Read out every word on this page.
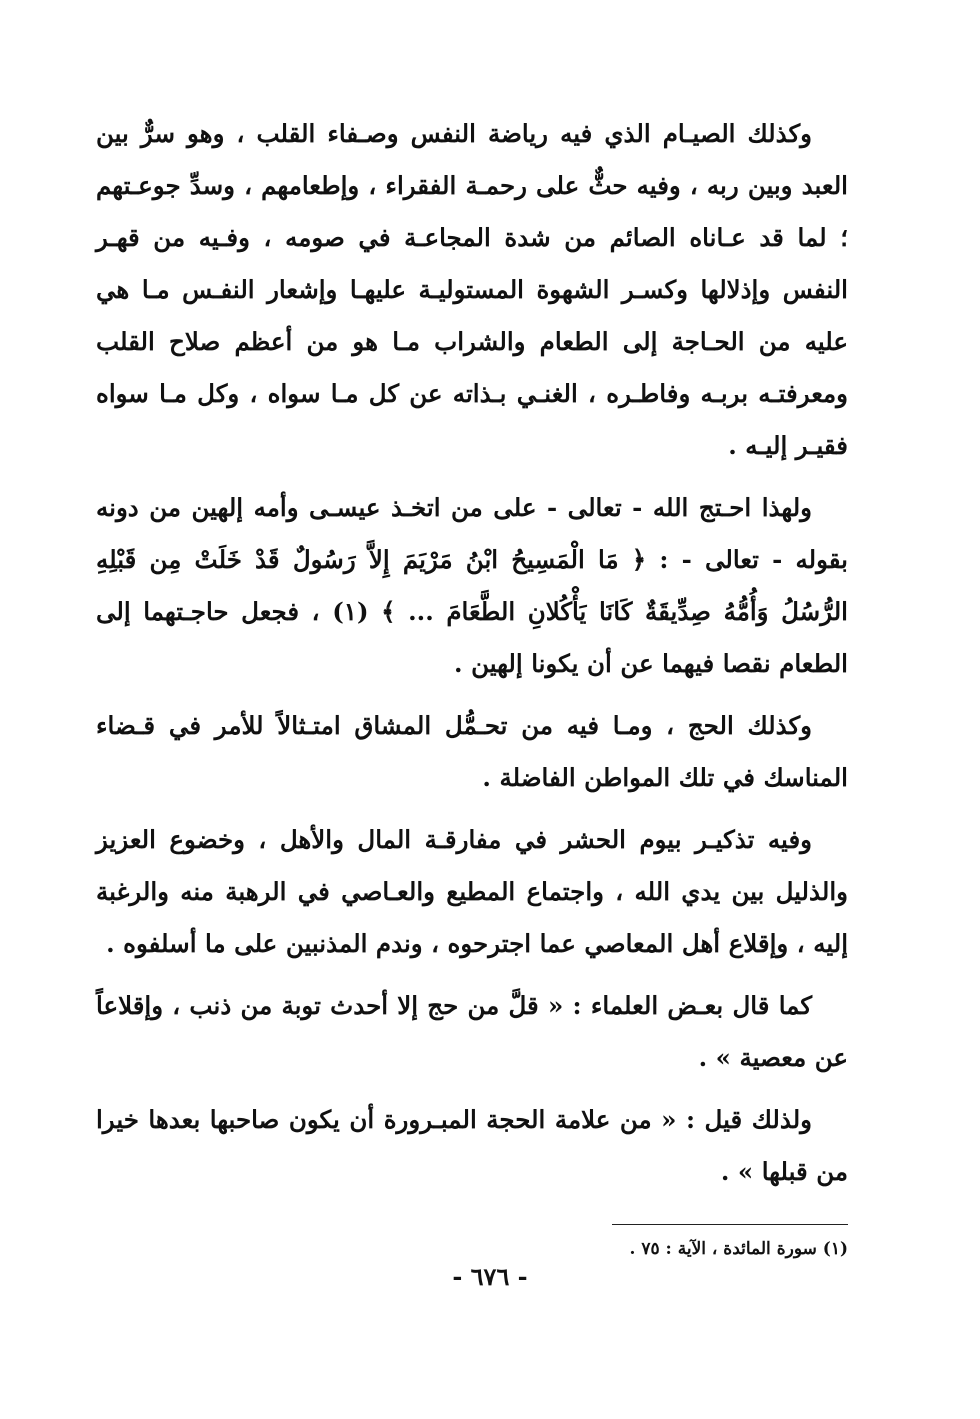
وكذلك الصيـام الذي فيه رياضة النفس وصـفاء القلب ، وهو سرٌّ بين العبد وبين ربه ، وفيه حثٌّ على رحمـة الفقراء ، وإطعامهم ، وسدِّ جوعـتهم ؛ لما قد عـاناه الصائم من شدة المجاعـة في صومه ، وفـيه من قهـر النفس وإذلالها وكسـر الشهوة المستوليـة عليهـا وإشعار النفـس مـا هي عليه من الحـاجة إلى الطعام والشراب مـا هو من أعظم صلاح القلب ومعرفتـه بربـه وفاطـره ، الغنـي بـذاته عن كل مـا سواه ، وكل مـا سواه فقيـر إليـه .

ولهذا احـتج الله - تعالى - على من اتخـذ عيسـى وأمه إلهين من دونه بقوله - تعالى - : ﴿ مَا الْمَسِيحُ ابْنُ مَرْيَمَ إِلاَّ رَسُولٌ قَدْ خَلَتْ مِن قَبْلِهِ الرُّسُلُ وَأُمُّهُ صِدِّيقَةٌ كَانَا يَأْكُلانِ الطَّعَامَ ... ﴾ (١) ، فجعل حاجـتهما إلى الطعام نقصا فيهما عن أن يكونا إلهين .

وكذلك الحج ، ومـا فيه من تحـمُّل المشاق امتـثالاً للأمر في قـضاء المناسك في تلك المواطن الفاضلة .

وفيه تذكيـر بيوم الحشر في مفارقـة المال والأهل ، وخضوع العزيز والذليل بين يدي الله ، واجتماع المطيع والعـاصي في الرهبة منه والرغبة إليه ، وإقلاع أهل المعاصي عما اجترحوه ، وندم المذنبين على ما أسلفوه .

كما قال بعـض العلماء : « قلَّ من حج إلا أحدث توبة من ذنب ، وإقلاعاً عن معصية » .

ولذلك قيل : « من علامة الحجة المبـرورة أن يكون صاحبها بعدها خيرا من قبلها » .

(١) سورة المائدة ، الآية : ٧٥ .
- ٦٧٦ -
